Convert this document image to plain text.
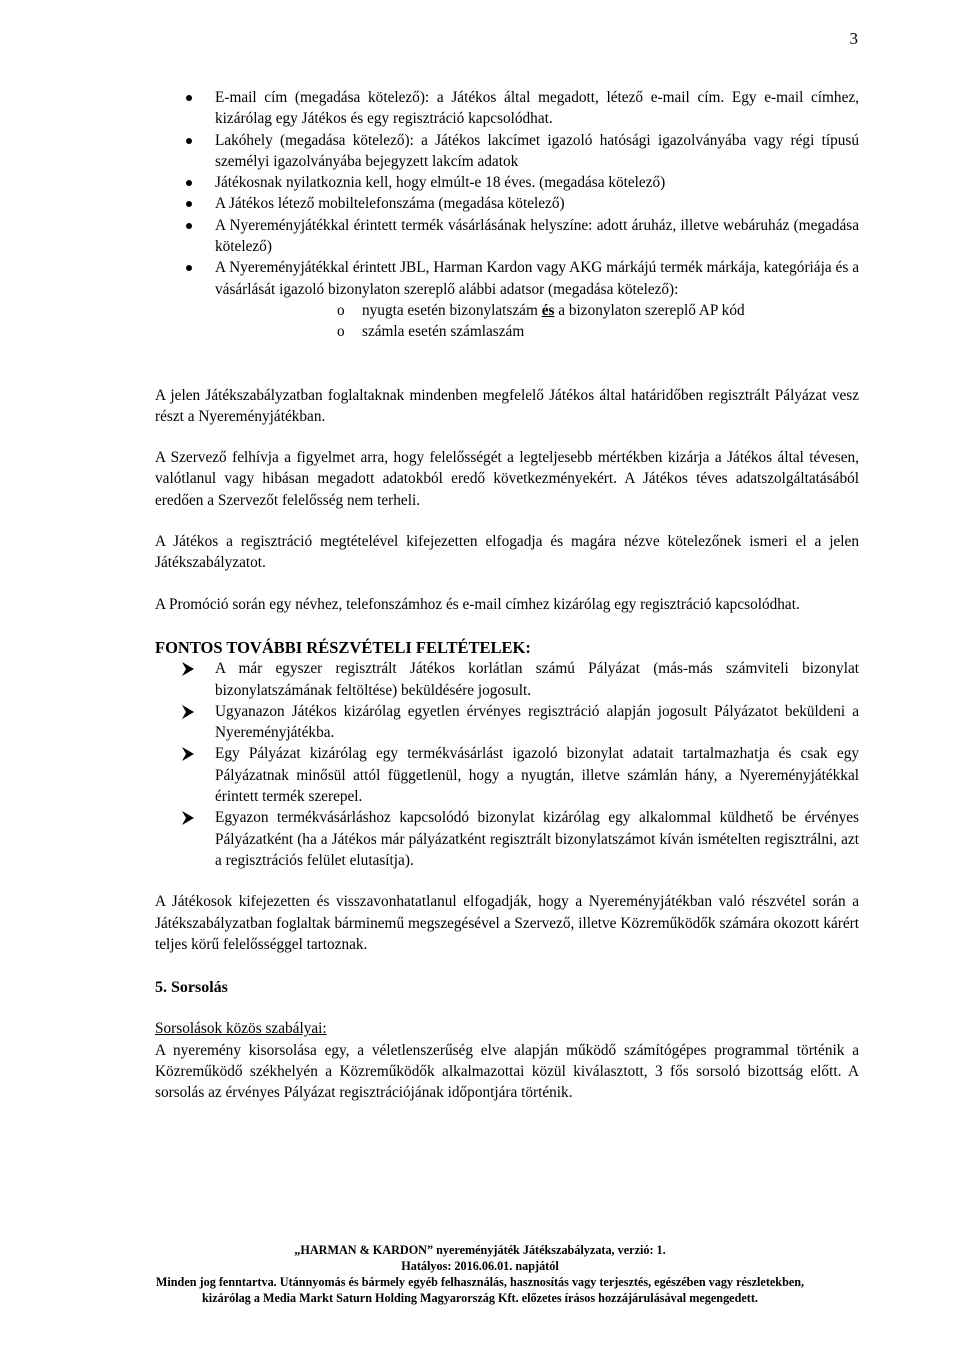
3
E-mail cím (megadása kötelező): a Játékos által megadott, létező e-mail cím. Egy e-mail címhez, kizárólag egy Játékos és egy regisztráció kapcsolódhat.
Lakóhely (megadása kötelező): a Játékos lakcímet igazoló hatósági igazolványába vagy régi típusú személyi igazolványába bejegyzett lakcím adatok
Játékosnak nyilatkoznia kell, hogy elmúlt-e 18 éves. (megadása kötelező)
A Játékos létező mobiltelefonszáma (megadása kötelező)
A Nyereményjátékkal érintett termék vásárlásának helyszíne: adott áruház, illetve webáruház (megadása kötelező)
A Nyereményjátékkal érintett JBL, Harman Kardon vagy AKG márkájú termék márkája, kategóriája és a vásárlását igazoló bizonylaton szereplő alábbi adatsor (megadása kötelező):
o nyugta esetén bizonylatszám és a bizonylaton szereplő AP kód
o számla esetén számlaszám

A jelen Játékszabályzatban foglaltaknak mindenben megfelelő Játékos által határidőben regisztrált Pályázat vesz részt a Nyereményjátékban.

A Szervező felhívja a figyelmet arra, hogy felelősségét a legteljesebb mértékben kizárja a Játékos által tévesen, valótlanul vagy hibásan megadott adatokból eredő következményekért. A Játékos téves adatszolgáltatásából eredően a Szervezőt felelősség nem terheli.

A Játékos a regisztráció megtételével kifejezetten elfogadja és magára nézve kötelezőnek ismeri el a jelen Játékszabályzatot.

A Promóció során egy névhez, telefonszámhoz és e-mail címhez kizárólag egy regisztráció kapcsolódhat.

FONTOS TOVÁBBI RÉSZVÉTELI FELTÉTELEK:
A már egyszer regisztrált Játékos korlátlan számú Pályázat (más-más számviteli bizonylat bizonylatszámának feltöltése) beküldésére jogosult.
Ugyanazon Játékos kizárólag egyetlen érvényes regisztráció alapján jogosult Pályázatot beküldeni a Nyereményjátékba.
Egy Pályázat kizárólag egy termékvásárlást igazoló bizonylat adatait tartalmazhatja és csak egy Pályázatnak minősül attól függetlenül, hogy a nyugtán, illetve számlán hány, a Nyereményjátékkal érintett termék szerepel.
Egyazon termékvásárláshoz kapcsolódó bizonylat kizárólag egy alkalommal küldhető be érvényes Pályázatként (ha a Játékos már pályázatként regisztrált bizonylatszámot kíván ismételten regisztrálni, azt a regisztrációs felület elutasítja).

A Játékosok kifejezetten és visszavonhatatlanul elfogadják, hogy a Nyereményjátékban való részvétel során a Játékszabályzatban foglaltak bárminemű megszegésével a Szervező, illetve Közreműködők számára okozott kárért teljes körű felelősséggel tartoznak.

5. Sorsolás
Sorsolások közös szabályai:

A nyeremény kisorsolása egy, a véletlenszerűség elve alapján működő számítógépes programmal történik a Közreműködő székhelyén a Közreműködők alkalmazottai közül kiválasztott, 3 fős sorsoló bizottság előtt. A sorsolás az érvényes Pályázat regisztrációjának időpontjára történik.

„HARMAN & KARDON” nyereményjáték Játékszabályzata, verzió: 1.
Hatályos: 2016.06.01. napjától
Minden jog fenntartva. Utánnyomás és bármely egyéb felhasználás, hasznosítás vagy terjesztés, egészében vagy részletekben,
kizárólag a Media Markt Saturn Holding Magyarország Kft. előzetes írásos hozzájárulásával megengedett.
